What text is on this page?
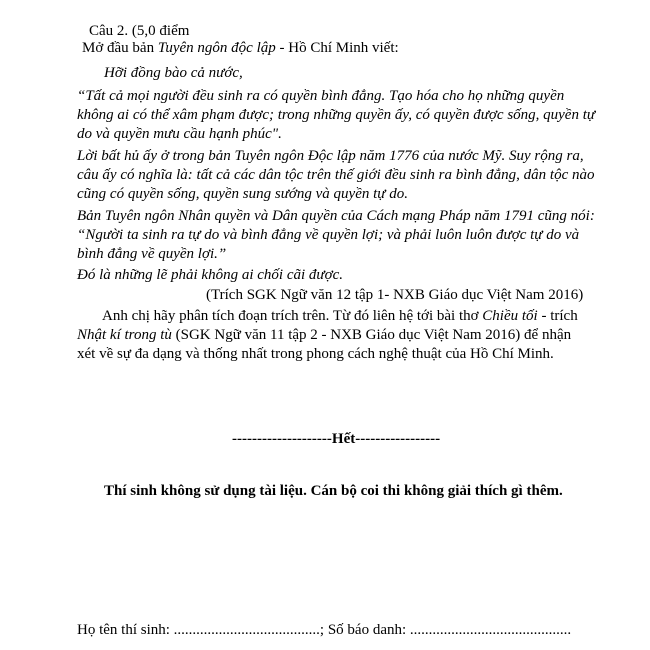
Câu 2. (5,0 điểm
Mở đầu bản Tuyên ngôn độc lập - Hồ Chí Minh viết:
Hỡi đồng bào cả nước,
“Tất cả mọi người đều sinh ra có quyền bình đẳng. Tạo hóa cho họ những quyền
không ai có thể xâm phạm được; trong những quyền ấy, có quyền được sống, quyền tự
do và quyền mưu cầu hạnh phúc".
Lời bất hủ ấy ở trong bản Tuyên ngôn Độc lập năm 1776 của nước Mỹ. Suy rộng ra,
câu ấy có nghĩa là: tất cả các dân tộc trên thế giới đều sinh ra bình đẳng, dân tộc nào
cũng có quyền sống, quyền sung sướng và quyền tự do.
Bản Tuyên ngôn Nhân quyền và Dân quyền của Cách mạng Pháp năm 1791 cũng nói:
“Người ta sinh ra tự do và bình đẳng về quyền lợi; và phải luôn luôn được tự do và
bình đẳng về quyền lợi.”
Đó là những lẽ phải không ai chối cãi được.
(Trích SGK Ngữ văn 12 tập 1- NXB Giáo dục Việt Nam 2016)
Anh chị hãy phân tích đoạn trích trên. Từ đó liên hệ tới bài thơ Chiều tối - trích
Nhật kí trong tù (SGK Ngữ văn 11 tập 2 - NXB Giáo dục Việt Nam 2016) để nhận
xét về sự đa dạng và thống nhất trong phong cách nghệ thuật của Hồ Chí Minh.
--------------------Hết-----------------
Thí sinh không sử dụng tài liệu. Cán bộ coi thi không giải thích gì thêm.
Họ tên thí sinh: .......................................; Số báo danh: ...........................................
